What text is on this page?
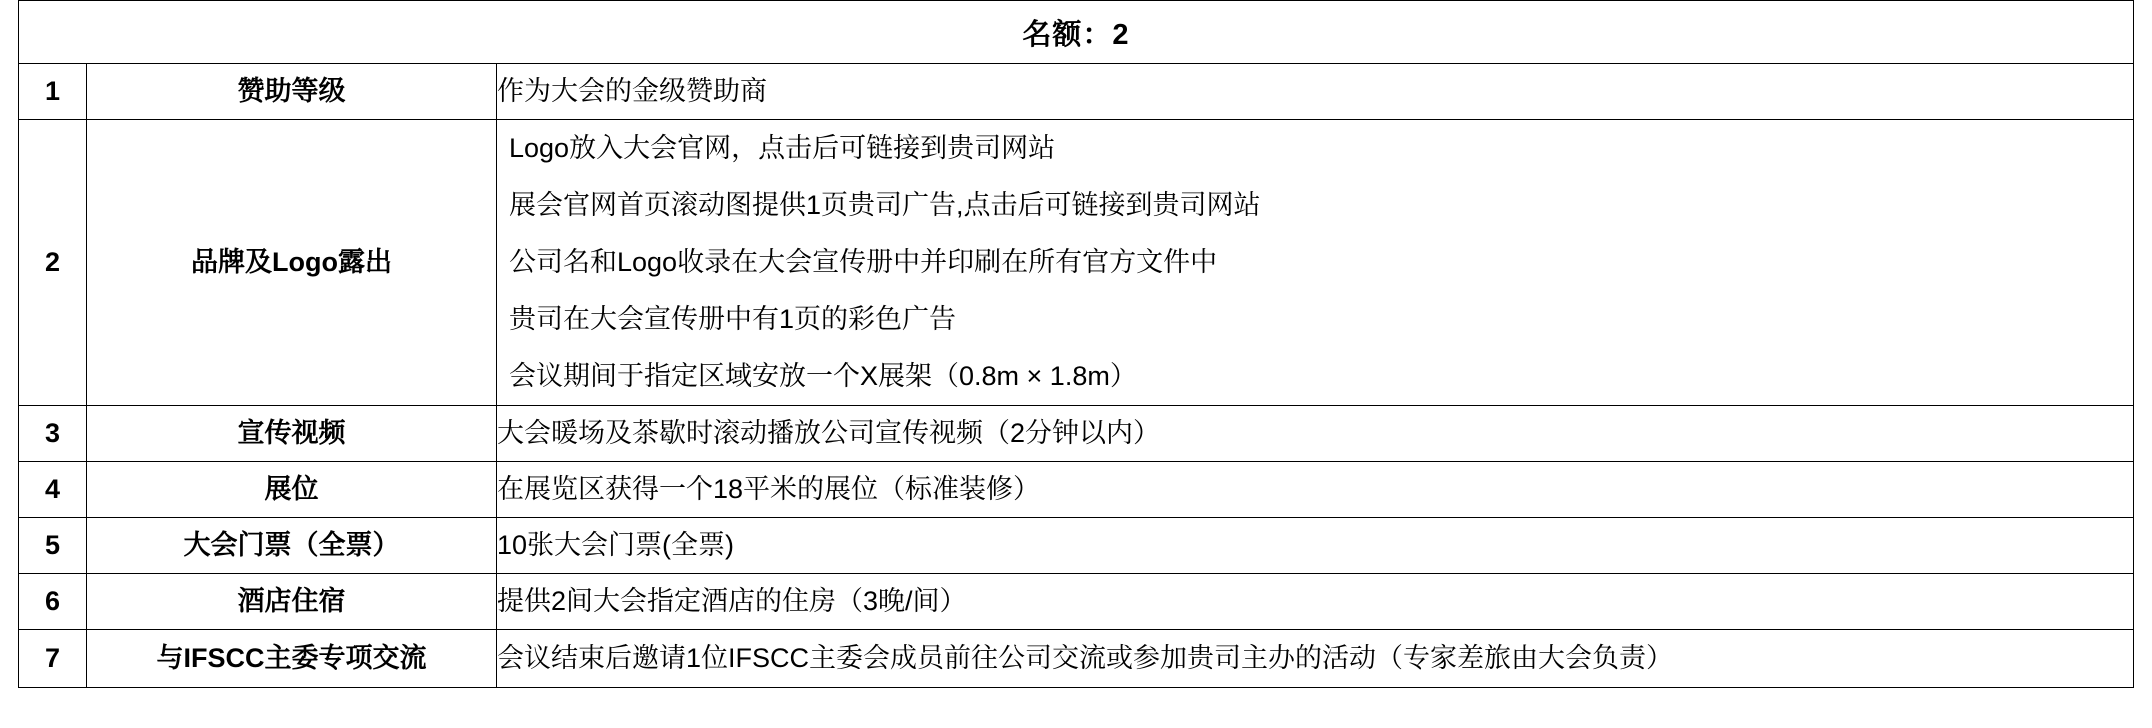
名额：2		
1	赞助等级	作为大会的金级赞助商
2	品牌及Logo露出	Logo放入大会官网，点击后可链接到贵司网站
展会官网首页滚动图提供1页贵司广告,点击后可链接到贵司网站
公司名和Logo收录在大会宣传册中并印刷在所有官方文件中
贵司在大会宣传册中有1页的彩色广告
会议期间于指定区域安放一个X展架（0.8m × 1.8m）

3	宣传视频	大会暖场及茶歇时滚动播放公司宣传视频（2分钟以内）
4	展位	在展览区获得一个18平米的展位（标准装修）
5	大会门票（全票）	10张大会门票(全票)
6	酒店住宿	提供2间大会指定酒店的住房（3晚/间）
7	与IFSCC主委专项交流	会议结束后邀请1位IFSCC主委会成员前往公司交流或参加贵司主办的活动（专家差旅由大会负责）
